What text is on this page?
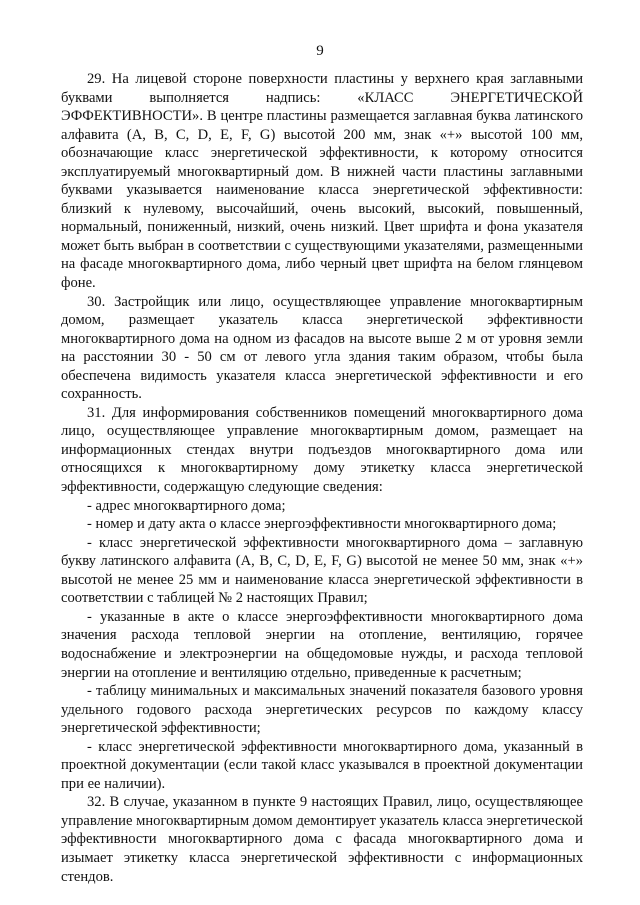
9

29. На лицевой стороне поверхности пластины у верхнего края заглавными буквами выполняется надпись: «КЛАСС ЭНЕРГЕТИЧЕСКОЙ ЭФФЕКТИВНОСТИ». В центре пластины размещается заглавная буква латинского алфавита (A, B, C, D, E, F, G) высотой 200 мм, знак «+» высотой 100 мм, обозначающие класс энергетической эффективности, к которому относится эксплуатируемый многоквартирный дом. В нижней части пластины заглавными буквами указывается наименование класса энергетической эффективности: близкий к нулевому, высочайший, очень высокий, высокий, повышенный, нормальный, пониженный, низкий, очень низкий. Цвет шрифта и фона указателя может быть выбран в соответствии с существующими указателями, размещенными на фасаде многоквартирного дома, либо черный цвет шрифта на белом глянцевом фоне.

30. Застройщик или лицо, осуществляющее управление многоквартирным домом, размещает указатель класса энергетической эффективности многоквартирного дома на одном из фасадов на высоте выше 2 м от уровня земли на расстоянии 30 - 50 см от левого угла здания таким образом, чтобы была обеспечена видимость указателя класса энергетической эффективности и его сохранность.

31. Для информирования собственников помещений многоквартирного дома лицо, осуществляющее управление многоквартирным домом, размещает на информационных стендах внутри подъездов многоквартирного дома или относящихся к многоквартирному дому этикетку класса энергетической эффективности, содержащую следующие сведения:

- адрес многоквартирного дома;

- номер и дату акта о классе энергоэффективности многоквартирного дома;

- класс энергетической эффективности многоквартирного дома – заглавную букву латинского алфавита (A, B, C, D, E, F, G) высотой не менее 50 мм, знак «+» высотой не менее 25 мм и наименование класса энергетической эффективности в соответствии с таблицей № 2 настоящих Правил;

- указанные в акте о классе энергоэффективности многоквартирного дома значения расхода тепловой энергии на отопление, вентиляцию, горячее водоснабжение и электроэнергии на общедомовые нужды, и расхода тепловой энергии на отопление и вентиляцию отдельно, приведенные к расчетным;

- таблицу минимальных и максимальных значений показателя базового уровня удельного годового расхода энергетических ресурсов по каждому классу энергетической эффективности;

- класс энергетической эффективности многоквартирного дома, указанный в проектной документации (если такой класс указывался в проектной документации при ее наличии).

32. В случае, указанном в пункте 9 настоящих Правил, лицо, осуществляющее управление многоквартирным домом демонтирует указатель класса энергетической эффективности многоквартирного дома с фасада многоквартирного дома и изымает этикетку класса энергетической эффективности с информационных стендов.
